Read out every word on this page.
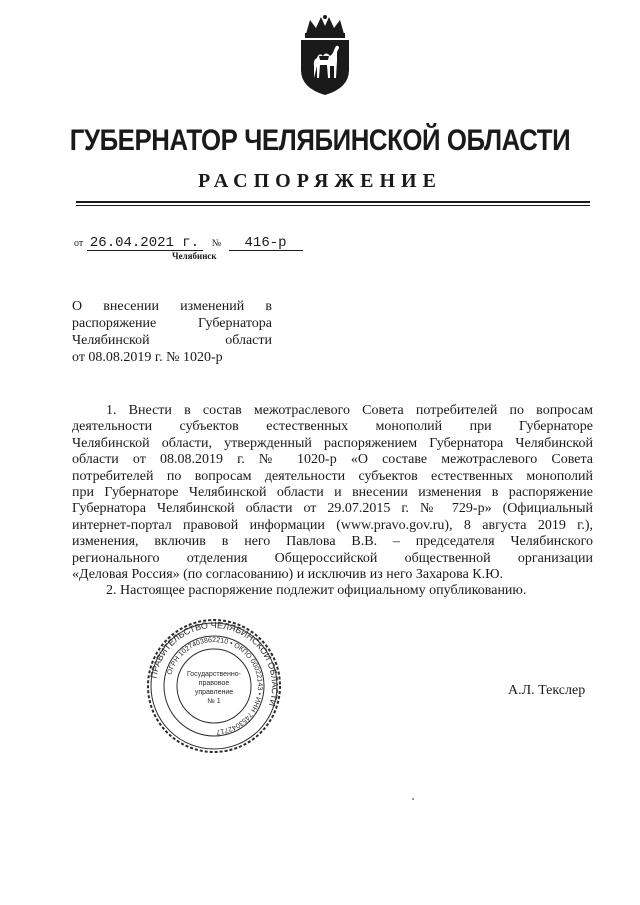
ГУБЕРНАТОР ЧЕЛЯБИНСКОЙ ОБЛАСТИ
РАСПОРЯЖЕНИЕ
от 26.04.2021 г. № 416-р
Челябинск
О внесении изменений в
распоряжение Губернатора
Челябинской области
от 08.08.2019 г. № 1020-р
1. Внести в состав межотраслевого Совета потребителей по вопросам
деятельности субъектов естественных монополий при Губернаторе
Челябинской области, утвержденный распоряжением Губернатора Челябинской
области от 08.08.2019 г. № 1020-р «О составе межотраслевого Совета
потребителей по вопросам деятельности субъектов естественных монополий
при Губернаторе Челябинской области и внесении изменения в распоряжение
Губернатора Челябинской области от 29.07.2015 г. № 729-р» (Официальный
интернет-портал правовой информации (www.pravo.gov.ru), 8 августа 2019 г.),
изменения, включив в него Павлова В.В. – председателя Челябинского
регионального отделения Общероссийской общественной организации
«Деловая Россия» (по согласованию) и исключив из него Захарова К.Ю.
2. Настоящее распоряжение подлежит официальному опубликованию.
ПРАВИТЕЛЬСТВО ЧЕЛЯБИНСКОЙ ОБЛАСТИ
ОГРН 1027403862210 • ОКПО 00022143 • ИНН 7453042717
Государственно-
правовое
управление
№ 1
А.Л. Текслер
